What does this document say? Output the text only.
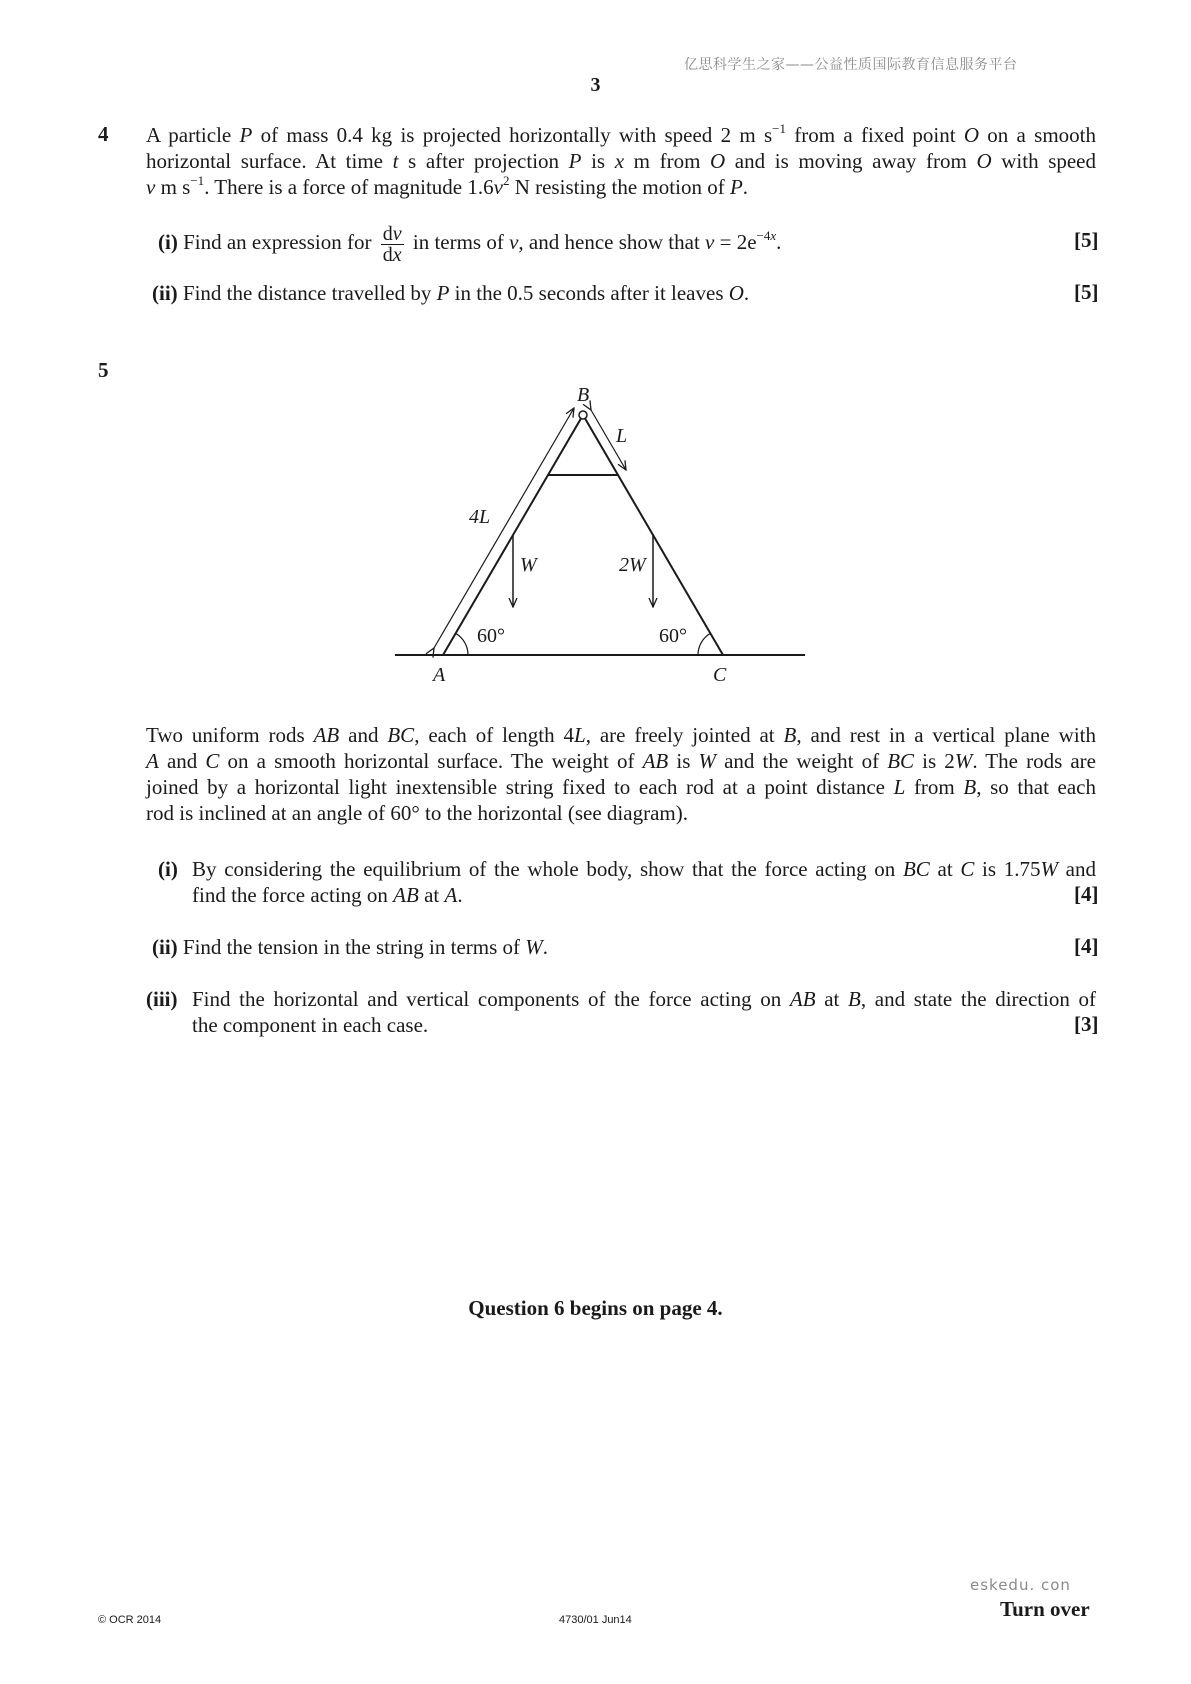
亿思科学生之家——公益性质国际教育信息服务平台
3
4 A particle P of mass 0.4 kg is projected horizontally with speed 2 m $s^{-1}$ from a fixed point O on a smooth
horizontal surface. At time t s after projection P is x m from O and is moving away from O with speed
v m $s^{-1}$. There is a force of magnitude $1.6v^2$ N resisting the motion of P.
(i) Find an expression for $\frac{dv}{dx}$ in terms of v, and hence show that $v = 2e^{-4x}$.	[5]
(ii) Find the distance travelled by P in the 0.5 seconds after it leaves O.	[5]
5
B
L
4L
W	2W
60°	60°
A	C
Two uniform rods AB and BC, each of length 4L, are freely jointed at B, and rest in a vertical plane with
A and C on a smooth horizontal surface. The weight of AB is W and the weight of BC is 2W. The rods are
joined by a horizontal light inextensible string fixed to each rod at a point distance L from B, so that each
rod is inclined at an angle of 60° to the horizontal (see diagram).
(i) By considering the equilibrium of the whole body, show that the force acting on BC at C is 1.75W and
find the force acting on AB at A.	[4]
(ii) Find the tension in the string in terms of W.	[4]
(iii) Find the horizontal and vertical components of the force acting on AB at B, and state the direction of
the component in each case.	[3]
Question 6 begins on page 4.
eskedu. con
© OCR 2014	4730/01 Jun14	Turn over
